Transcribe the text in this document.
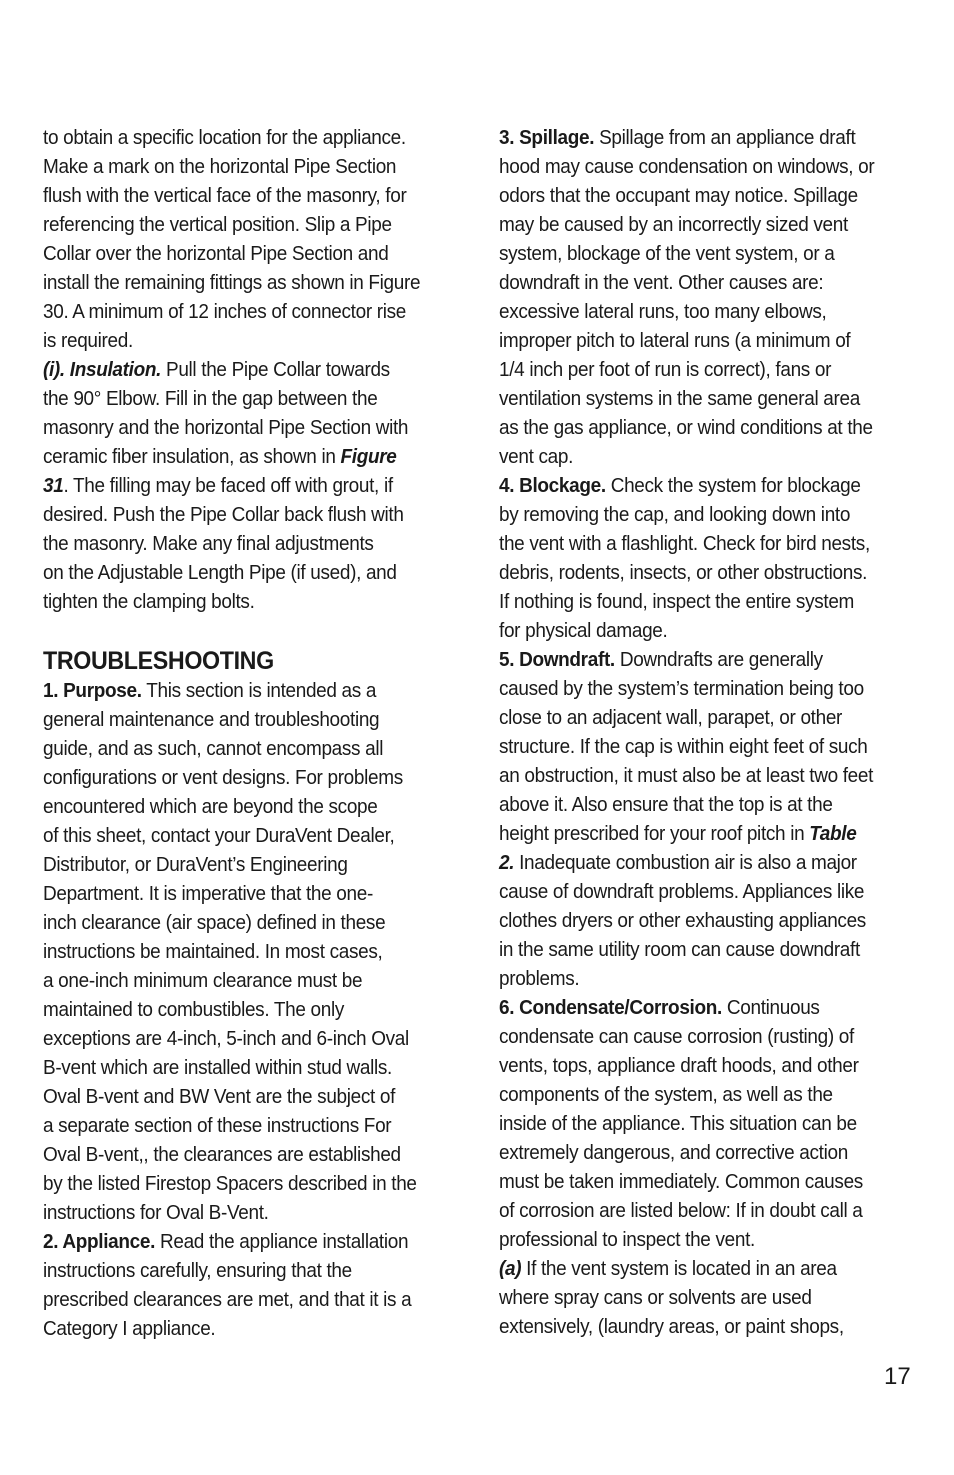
to obtain a specific location for the appliance.
Make a mark on the horizontal Pipe Section
flush with the vertical face of the masonry, for
referencing the vertical position. Slip a Pipe
Collar over the horizontal Pipe Section and
install the remaining fittings as shown in Figure
30. A minimum of 12 inches of connector rise
is required.

(i). Insulation. Pull the Pipe Collar towards
the 90° Elbow. Fill in the gap between the
masonry and the horizontal Pipe Section with
ceramic fiber insulation, as shown in Figure
31. The filling may be faced off with grout, if
desired. Push the Pipe Collar back flush with
the masonry. Make any final adjustments
on the Adjustable Length Pipe (if used), and
tighten the clamping bolts.

TROUBLESHOOTING

1. Purpose. This section is intended as a
general maintenance and troubleshooting
guide, and as such, cannot encompass all
configurations or vent designs. For problems
encountered which are beyond the scope
of this sheet, contact your DuraVent Dealer,
Distributor, or DuraVent’s Engineering
Department. It is imperative that the one-
inch clearance (air space) defined in these
instructions be maintained. In most cases,
a one-inch minimum clearance must be
maintained to combustibles. The only
exceptions are 4-inch, 5-inch and 6-inch Oval
B-vent which are installed within stud walls.
Oval B-vent and BW Vent are the subject of
a separate section of these instructions For
Oval B-vent,, the clearances are established
by the listed Firestop Spacers described in the
instructions for Oval B-Vent.

2. Appliance. Read the appliance installation
instructions carefully, ensuring that the
prescribed clearances are met, and that it is a
Category I appliance.

3. Spillage. Spillage from an appliance draft
hood may cause condensation on windows, or
odors that the occupant may notice. Spillage
may be caused by an incorrectly sized vent
system, blockage of the vent system, or a
downdraft in the vent. Other causes are:
excessive lateral runs, too many elbows,
improper pitch to lateral runs (a minimum of
1/4 inch per foot of run is correct), fans or
ventilation systems in the same general area
as the gas appliance, or wind conditions at the
vent cap.

4. Blockage. Check the system for blockage
by removing the cap, and looking down into
the vent with a flashlight. Check for bird nests,
debris, rodents, insects, or other obstructions.
If nothing is found, inspect the entire system
for physical damage.

5. Downdraft. Downdrafts are generally
caused by the system’s termination being too
close to an adjacent wall, parapet, or other
structure. If the cap is within eight feet of such
an obstruction, it must also be at least two feet
above it. Also ensure that the top is at the
height prescribed for your roof pitch in Table
2. Inadequate combustion air is also a major
cause of downdraft problems. Appliances like
clothes dryers or other exhausting appliances
in the same utility room can cause downdraft
problems.

6. Condensate/Corrosion. Continuous
condensate can cause corrosion (rusting) of
vents, tops, appliance draft hoods, and other
components of the system, as well as the
inside of the appliance. This situation can be
extremely dangerous, and corrective action
must be taken immediately. Common causes
of corrosion are listed below: If in doubt call a
professional to inspect the vent.

(a) If the vent system is located in an area
where spray cans or solvents are used
extensively, (laundry areas, or paint shops,

17
